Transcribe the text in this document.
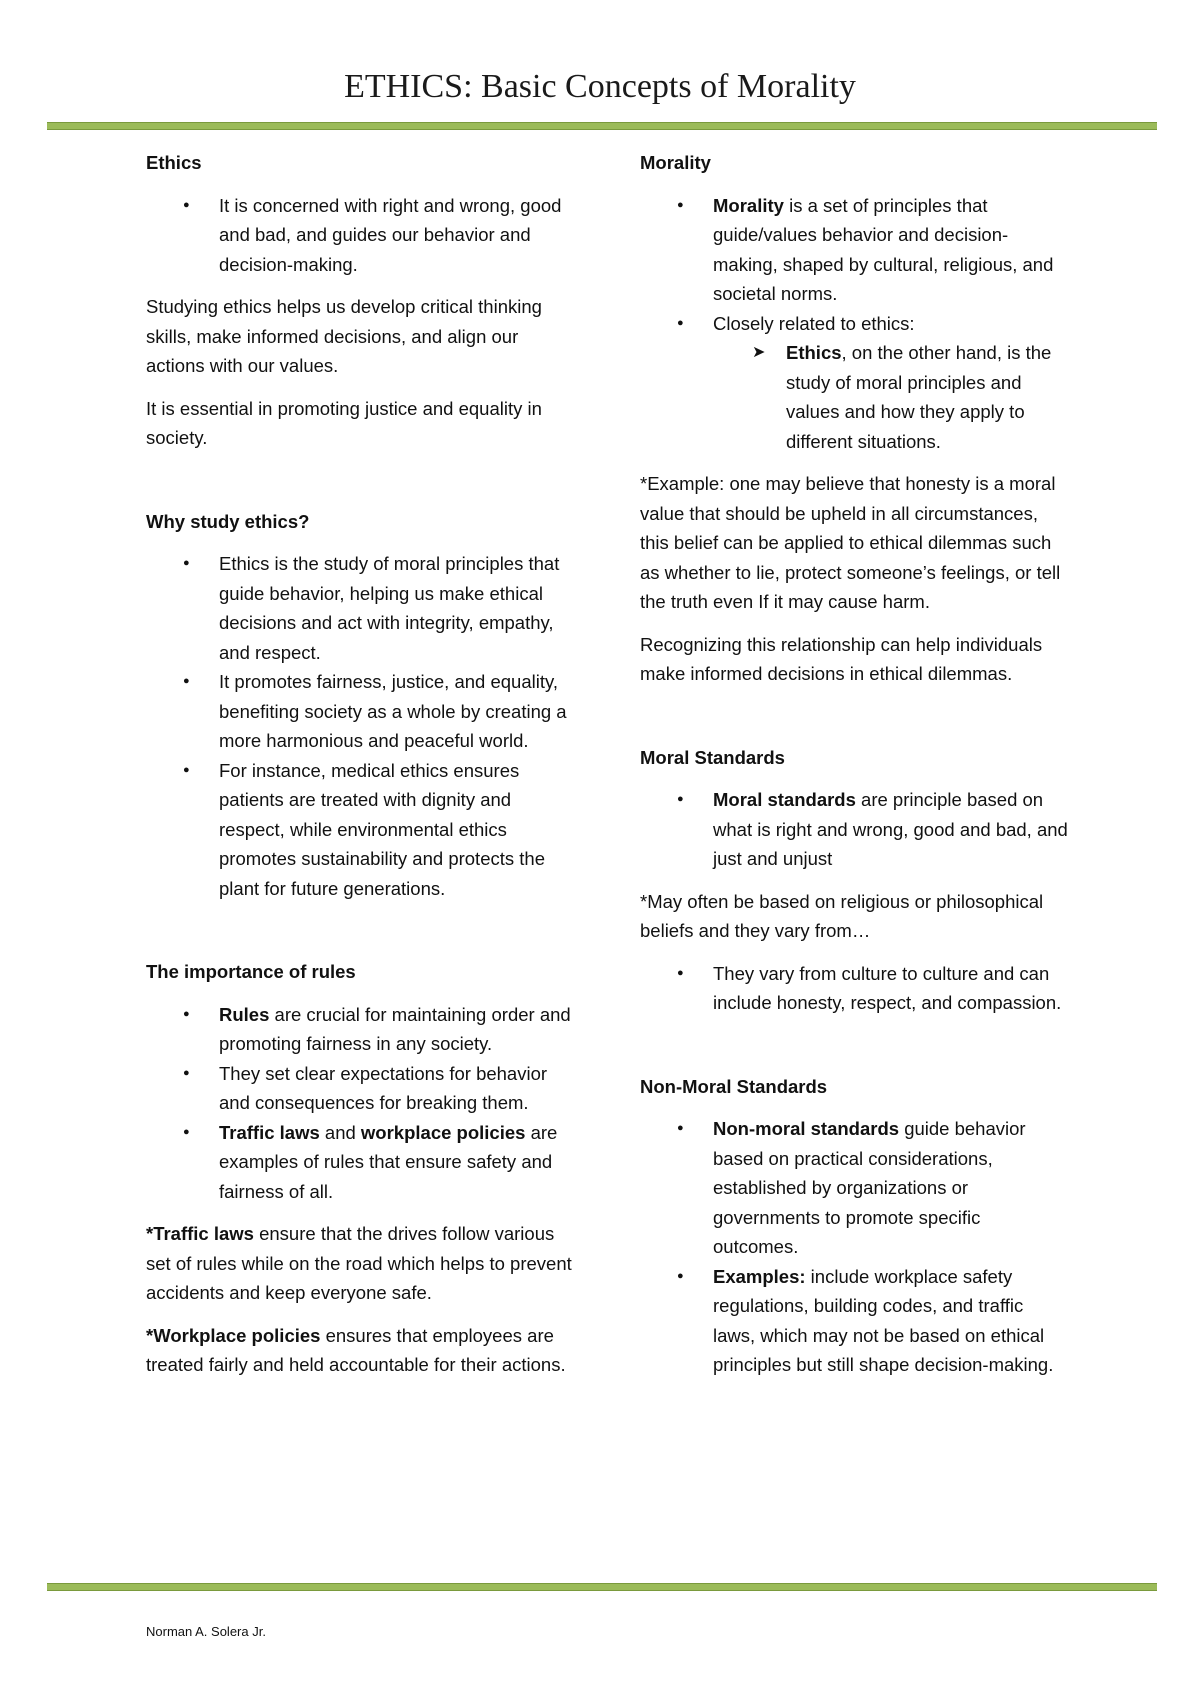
ETHICS: Basic Concepts of Morality
Ethics
● It is concerned with right and wrong, good and bad, and guides our behavior and decision-making.

Studying ethics helps us develop critical thinking skills, make informed decisions, and align our actions with our values.

It is essential in promoting justice and equality in society.

Why study ethics?
● Ethics is the study of moral principles that guide behavior, helping us make ethical decisions and act with integrity, empathy, and respect.
● It promotes fairness, justice, and equality, benefiting society as a whole by creating a more harmonious and peaceful world.
● For instance, medical ethics ensures patients are treated with dignity and respect, while environmental ethics promotes sustainability and protects the plant for future generations.
The importance of rules
● Rules are crucial for maintaining order and promoting fairness in any society.
● They set clear expectations for behavior and consequences for breaking them.
● Traffic laws and workplace policies are examples of rules that ensure safety and fairness of all.

*Traffic laws ensure that the drives follow various set of rules while on the road which helps to prevent accidents and keep everyone safe.

*Workplace policies ensures that employees are treated fairly and held accountable for their actions.

Morality
● Morality is a set of principles that guide/values behavior and decision-making, shaped by cultural, religious, and societal norms.
● Closely related to ethics:
➤ Ethics, on the other hand, is the study of moral principles and values and how they apply to different situations.

*Example: one may believe that honesty is a moral value that should be upheld in all circumstances, this belief can be applied to ethical dilemmas such as whether to lie, protect someone’s feelings, or tell the truth even If it may cause harm.

Recognizing this relationship can help individuals make informed decisions in ethical dilemmas.

Moral Standards
● Moral standards are principle based on what is right and wrong, good and bad, and just and unjust

*May often be based on religious or philosophical beliefs and they vary from…

● They vary from culture to culture and can include honesty, respect, and compassion.
Non-Moral Standards
● Non-moral standards guide behavior based on practical considerations, established by organizations or governments to promote specific outcomes.
● Examples: include workplace safety regulations, building codes, and traffic laws, which may not be based on ethical principles but still shape decision-making.
Norman A. Solera Jr.
